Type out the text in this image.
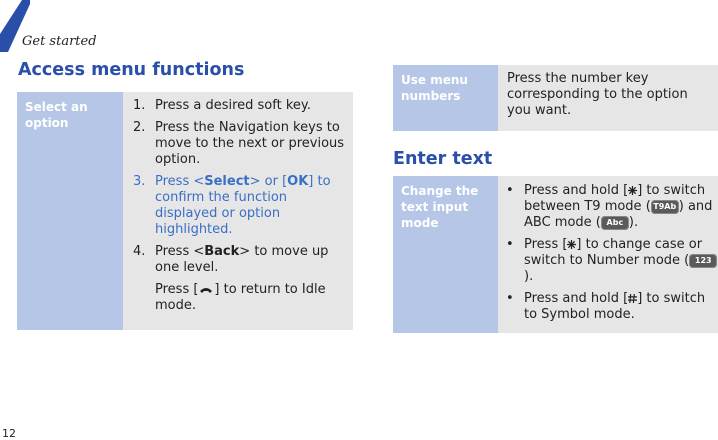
Get started
Access menu functions
Select an option
1. Press a desired soft key.
2. Press the Navigation keys to move to the next or previous option.
3. Press <Select> or [OK] to confirm the function displayed or option highlighted.
4. Press <Back> to move up one level.
Press [ ] to return to Idle mode.
Use menu numbers
Press the number key corresponding to the option you want.
Enter text
Change the text input mode
• Press and hold [ ] to switch between T9 mode ( T9Ab ) and ABC mode ( Abc ).
• Press [ ] to change case or switch to Number mode ( 123).
• Press and hold [ ] to switch to Symbol mode.
12
